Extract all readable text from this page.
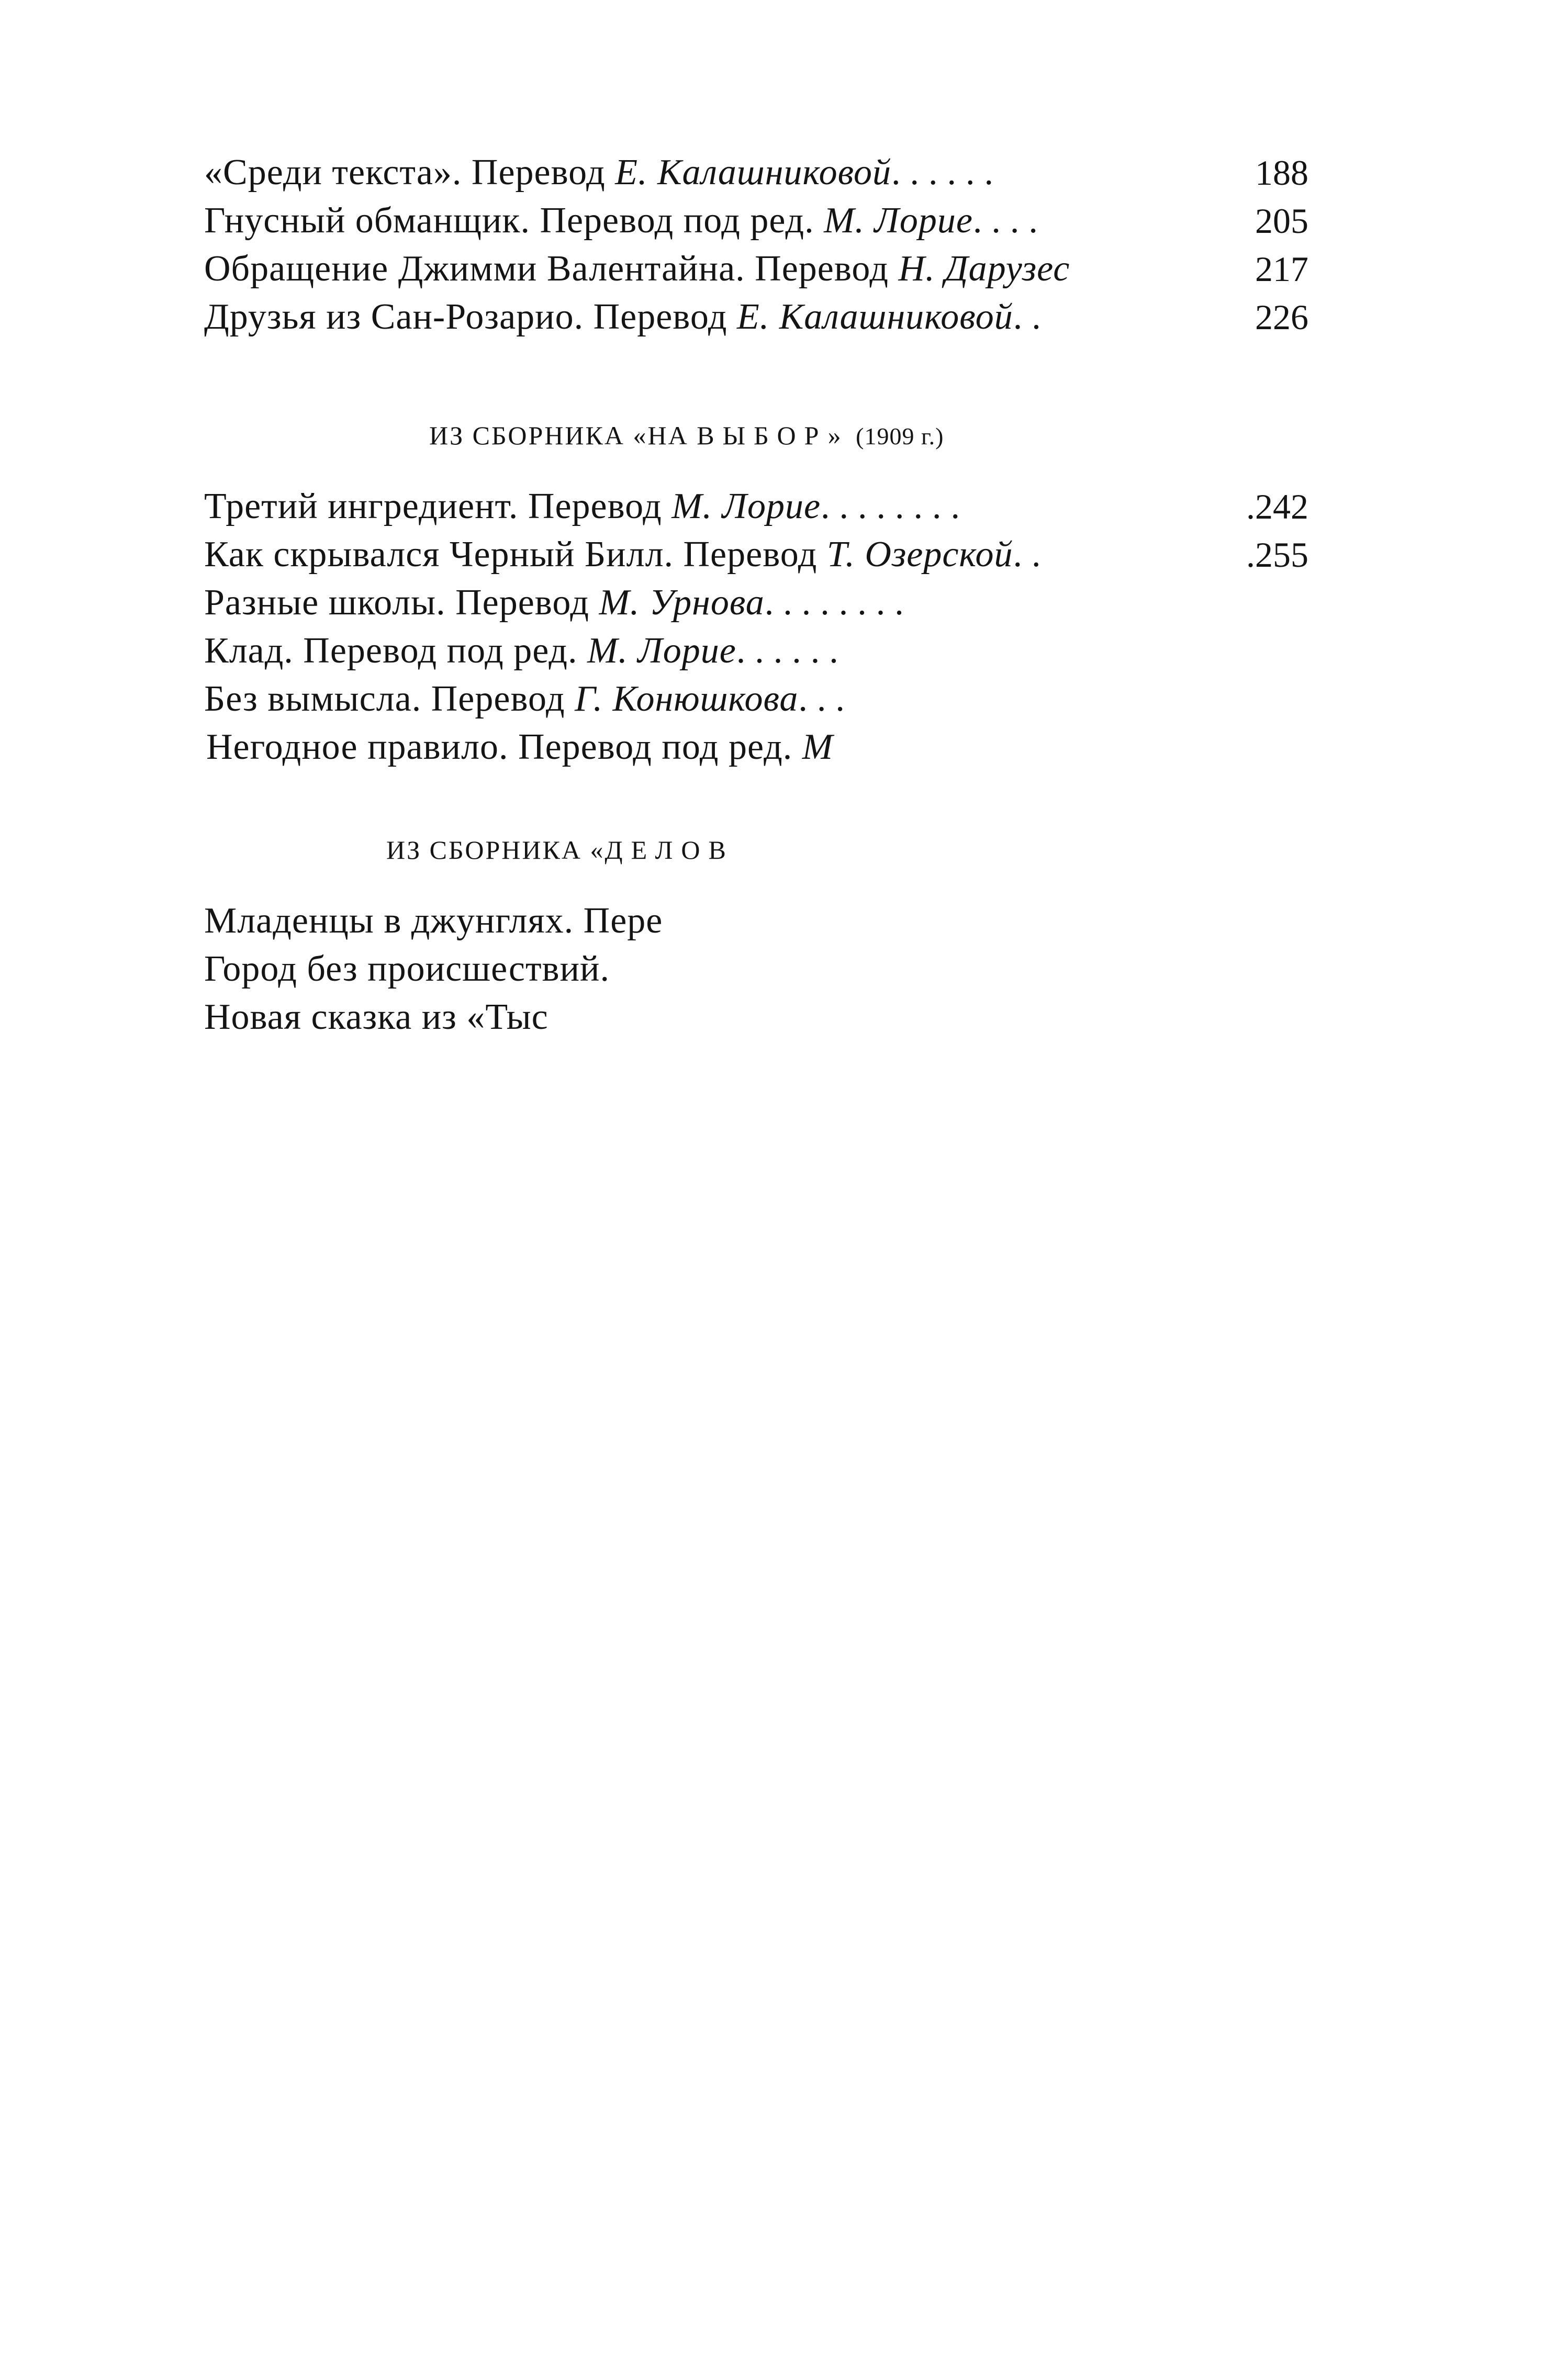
«Среди текста». Перевод Е. Калашниковой......	188
Гнусный обманщик. Перевод под ред. М. Лорие....	205
Обращение Джимми Валентайна. Перевод Н. Дарузес	217
Друзья из Сан-Розарио. Перевод Е. Калашниковой..	226
ИЗ СБОРНИКА «НА ВЫБОР» (1909 г.)
Третий ингредиент. Перевод М. Лорие........	.242
Как скрывался Черный Билл. Перевод Т. Озерской..	.255
Разные школы. Перевод М. Урнова........
Клад. Перевод под ред. М. Лорие......
Без вымысла. Перевод Г. Конюшкова...
Негодное правило. Перевод под ред. М
ИЗ СБОРНИКА «ДЕЛОВ
Младенцы в джунглях. Пере
Город без происшествий.
Новая сказка из «Тыс
